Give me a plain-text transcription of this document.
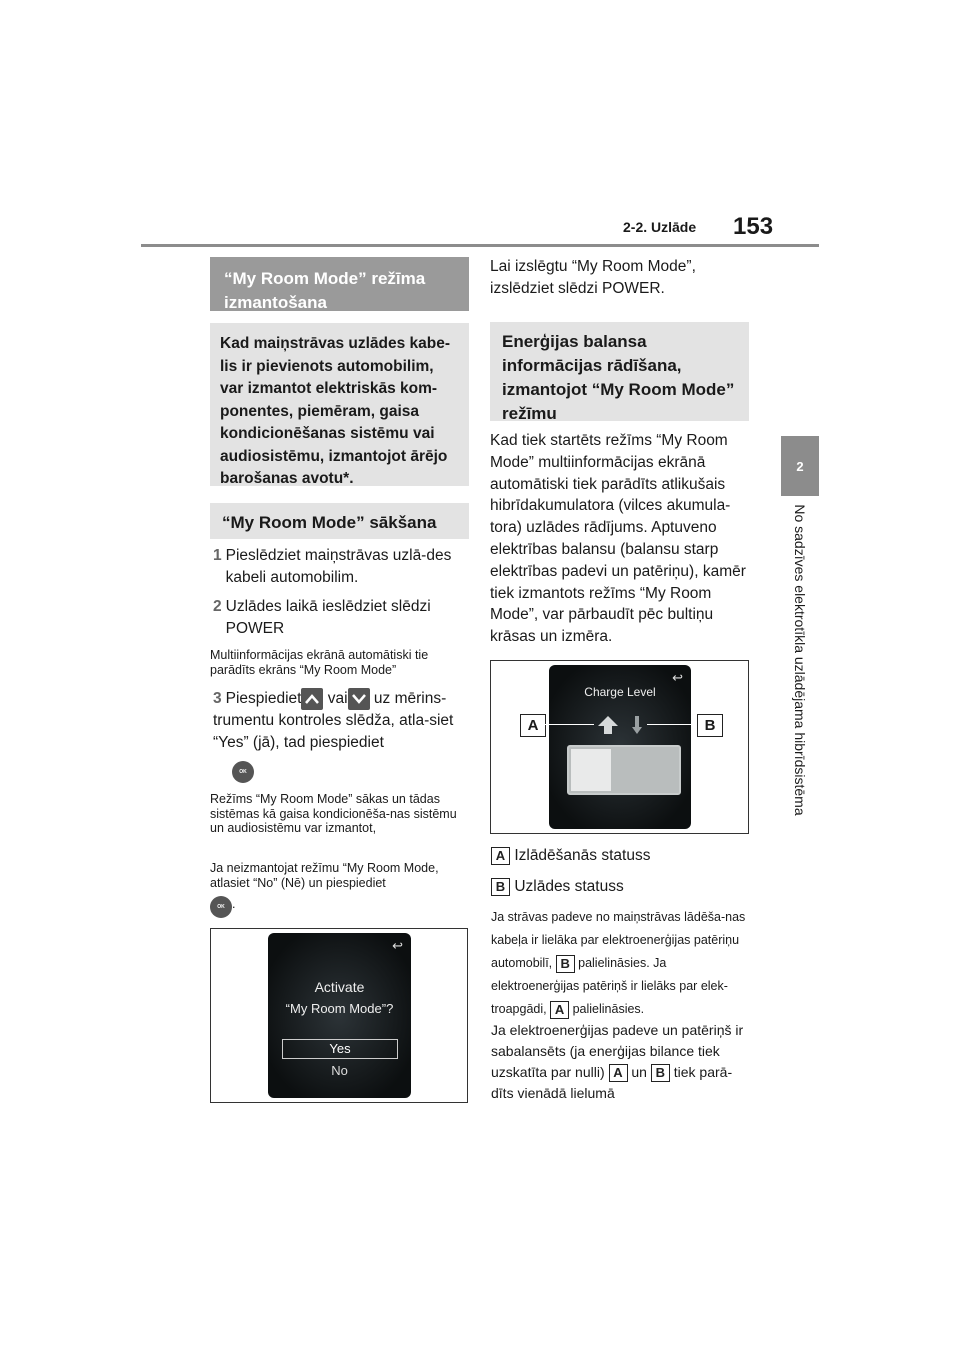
2-2. Uzlāde 153
2
No sadzīves elektrotīkla uzlādējama hibrīdsistēma
“My Room Mode” režīma izmantošana
Kad maiņstrāvas uzlādes kabe-lis ir pievienots automobilim, var izmantot elektriskās kom-ponentes, piemēram, gaisa kondicionēšanas sistēmu vai audiosistēmu, izmantojot ārējo barošanas avotu*.
“My Room Mode” sākšana
1 Pieslēdziet maiņstrāvas uzlā-des kabeli automobilim.
2 Uzlādes laikā ieslēdziet slēdzi POWER
Multiinformācijas ekrānā automātiski tie parādīts ekrāns “My Room Mode”
3 Piespiediet vai uz mērins-trumentu kontroles slēdža, atla-siet “Yes” (jā), tad piespiediet
OK
Režīms “My Room Mode” sākas un tādas sistēmas kā gaisa kondicionēša-nas sistēmu un audiosistēmu var izmantot,
Ja neizmantojat režīmu “My Room Mode, atlasiet “No” (Nē) un piespiediet
OK .
↩
Activate
“My Room Mode”?
Yes
No
Lai izslēgtu “My Room Mode”, izslēdziet slēdzi POWER.
Enerģijas balansa informācijas rādīšana, izmantojot “My Room Mode” režīmu
Kad tiek startēts režīms “My Room Mode” multiinformācijas ekrānā automātiski tiek parādīts atlikušais hibrīdakumulatora (vilces akumula-tora) uzlādes rādījums. Aptuveno elektrības balansu (balansu starp elektrības padevi un patēriņu), kamēr tiek izmantots režīms “My Room Mode”, var pārbaudīt pēc bultiņu krāsas un izmēra.
↩
Charge Level
A	B
A Izlādēšanās statuss
B Uzlādes statuss
Ja strāvas padeve no maiņstrāvas lādēša-nas kabeļa ir lielāka par elektroenerģijas patēriņu automobilī, B palielināsies. Ja elektroenerģijas patēriņš ir lielāks par elek-troapgādi, A palielināsies.
Ja elektroenerģijas padeve un patēriņš ir sabalansēts (ja enerģijas bilance tiek uzskatīta par nulli) A un B tiek parā-dīts vienādā lielumā
